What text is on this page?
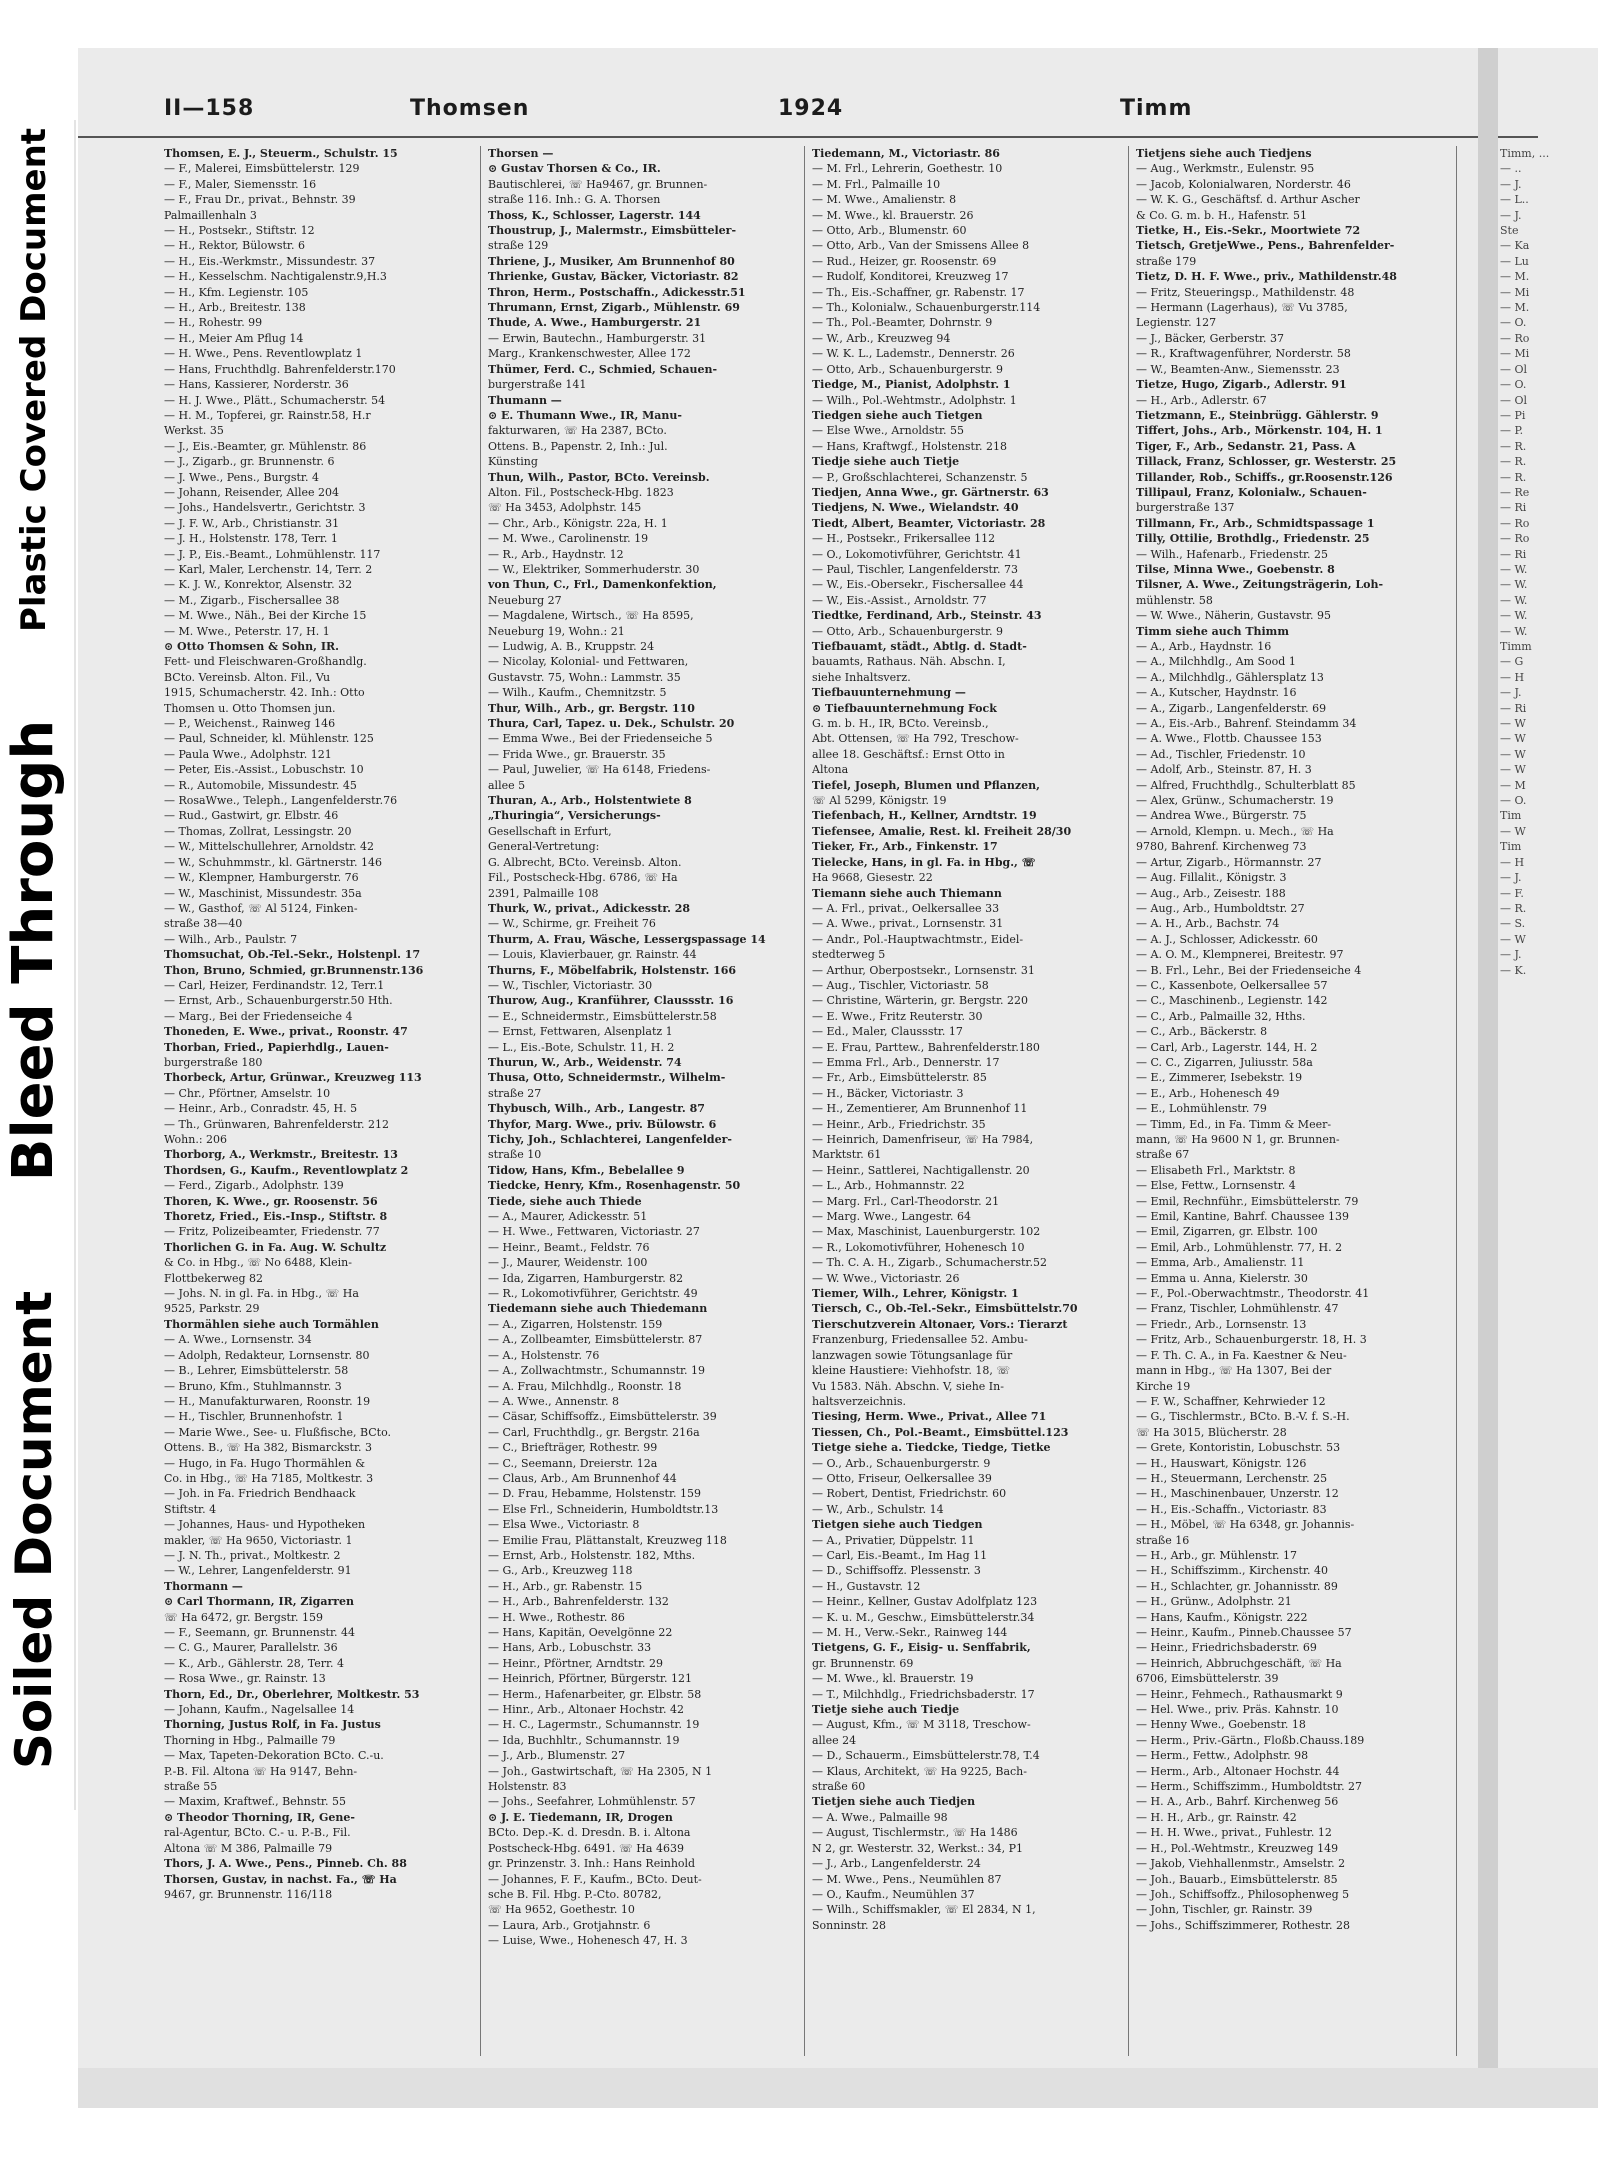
Plastic Covered Document
Bleed Through
Soiled Document
II—158	Thomsen	1924	Timm
Thomsen, E. J., Steuerm., Schulstr. 15
— F., Malerei, Eimsbüttelerstr. 129
— F., Maler, Siemensstr. 16
— F., Frau Dr., privat., Behnstr. 39
Palmaillenhaln 3
— H., Postsekr., Stiftstr. 12
— H., Rektor, Bülowstr. 6
— H., Eis.-Werkmstr., Missundestr. 37
— H., Kesselschm. Nachtigalenstr.9,H.3
— H., Kfm. Legienstr. 105
— H., Arb., Breitestr. 138
— H., Rohestr. 99
— H., Meier Am Pflug 14
— H. Wwe., Pens. Reventlowplatz 1
— Hans, Fruchthdlg. Bahrenfelderstr.170
— Hans, Kassierer, Norderstr. 36
— H. J. Wwe., Plätt., Schumacherstr. 54
— H. M., Topferei, gr. Rainstr.58, H.r
Werkst. 35
— J., Eis.-Beamter, gr. Mühlenstr. 86
— J., Zigarb., gr. Brunnenstr. 6
— J. Wwe., Pens., Burgstr. 4
— Johann, Reisender, Allee 204
— Johs., Handelsvertr., Gerichtstr. 3
— J. F. W., Arb., Christianstr. 31
— J. H., Holstenstr. 178, Terr. 1
— J. P., Eis.-Beamt., Lohmühlenstr. 117
— Karl, Maler, Lerchenstr. 14, Terr. 2
— K. J. W., Konrektor, Alsenstr. 32
— M., Zigarb., Fischersallee 38
— M. Wwe., Näh., Bei der Kirche 15
— M. Wwe., Peterstr. 17, H. 1
⊙ Otto Thomsen & Sohn, IR.
Fett- und Fleischwaren-Großhandlg.
BCto. Vereinsb. Alton. Fil., Vu
1915, Schumacherstr. 42. Inh.: Otto
Thomsen u. Otto Thomsen jun.
— P., Weichenst., Rainweg 146
— Paul, Schneider, kl. Mühlenstr. 125
— Paula Wwe., Adolphstr. 121
— Peter, Eis.-Assist., Lobuschstr. 10
— R., Automobile, Missundestr. 45
— RosaWwe., Teleph., Langenfelderstr.76
— Rud., Gastwirt, gr. Elbstr. 46
— Thomas, Zollrat, Lessingstr. 20
— W., Mittelschullehrer, Arnoldstr. 42
— W., Schuhmmstr., kl. Gärtnerstr. 146
— W., Klempner, Hamburgerstr. 76
— W., Maschinist, Missundestr. 35a
— W., Gasthof, ☏ Al 5124, Finken-
straße 38—40
— Wilh., Arb., Paulstr. 7
Thomsuchat, Ob.-Tel.-Sekr., Holstenpl. 17
Thon, Bruno, Schmied, gr.Brunnenstr.136
— Carl, Heizer, Ferdinandstr. 12, Terr.1
— Ernst, Arb., Schauenburgerstr.50 Hth.
— Marg., Bei der Friedenseiche 4
Thoneden, E. Wwe., privat., Roonstr. 47
Thorban, Fried., Papierhdlg., Lauen-
burgerstraße 180
Thorbeck, Artur, Grünwar., Kreuzweg 113
— Chr., Pförtner, Amselstr. 10
— Heinr., Arb., Conradstr. 45, H. 5
— Th., Grünwaren, Bahrenfelderstr. 212
Wohn.: 206
Thorborg, A., Werkmstr., Breitestr. 13
Thordsen, G., Kaufm., Reventlowplatz 2
— Ferd., Zigarb., Adolphstr. 139
Thoren, K. Wwe., gr. Roosenstr. 56
Thoretz, Fried., Eis.-Insp., Stiftstr. 8
— Fritz, Polizeibeamter, Friedenstr. 77
Thorlichen G. in Fa. Aug. W. Schultz
& Co. in Hbg., ☏ No 6488, Klein-
Flottbekerweg 82
— Johs. N. in gl. Fa. in Hbg., ☏ Ha
9525, Parkstr. 29
Thormählen siehe auch Tormählen
— A. Wwe., Lornsenstr. 34
— Adolph, Redakteur, Lornsenstr. 80
— B., Lehrer, Eimsbüttelerstr. 58
— Bruno, Kfm., Stuhlmannstr. 3
— H., Manufakturwaren, Roonstr. 19
— H., Tischler, Brunnenhofstr. 1
— Marie Wwe., See- u. Flußfische, BCto.
Ottens. B., ☏ Ha 382, Bismarckstr. 3
— Hugo, in Fa. Hugo Thormählen &
Co. in Hbg., ☏ Ha 7185, Moltkestr. 3
— Joh. in Fa. Friedrich Bendhaack
Stiftstr. 4
— Johannes, Haus- und Hypotheken
makler, ☏ Ha 9650, Victoriastr. 1
— J. N. Th., privat., Moltkestr. 2
— W., Lehrer, Langenfelderstr. 91
Thormann —
⊙ Carl Thormann, IR, Zigarren
☏ Ha 6472, gr. Bergstr. 159
— F., Seemann, gr. Brunnenstr. 44
— C. G., Maurer, Parallelstr. 36
— K., Arb., Gählerstr. 28, Terr. 4
— Rosa Wwe., gr. Rainstr. 13
Thorn, Ed., Dr., Oberlehrer, Moltkestr. 53
— Johann, Kaufm., Nagelsallee 14
Thorning, Justus Rolf, in Fa. Justus
Thorning in Hbg., Palmaille 79
— Max, Tapeten-Dekoration BCto. C.-u.
P.-B. Fil. Altona ☏ Ha 9147, Behn-
straße 55
— Maxim, Kraftwef., Behnstr. 55
⊙ Theodor Thorning, IR, Gene-
ral-Agentur, BCto. C.- u. P.-B., Fil.
Altona ☏ M 386, Palmaille 79
Thors, J. A. Wwe., Pens., Pinneb. Ch. 88
Thorsen, Gustav, in nachst. Fa., ☏ Ha
9467, gr. Brunnenstr. 116/118
Thorsen —
⊙ Gustav Thorsen & Co., IR.
Bautischlerei, ☏ Ha9467, gr. Brunnen-
straße 116. Inh.: G. A. Thorsen
Thoss, K., Schlosser, Lagerstr. 144
Thoustrup, J., Malermstr., Eimsbütteler-
straße 129
Thriene, J., Musiker, Am Brunnenhof 80
Thrienke, Gustav, Bäcker, Victoriastr. 82
Thron, Herm., Postschaffn., Adickesstr.51
Thrumann, Ernst, Zigarb., Mühlenstr. 69
Thude, A. Wwe., Hamburgerstr. 21
— Erwin, Bautechn., Hamburgerstr. 31
Marg., Krankenschwester, Allee 172
Thümer, Ferd. C., Schmied, Schauen-
burgerstraße 141
Thumann —
⊙ E. Thumann Wwe., IR, Manu-
fakturwaren, ☏ Ha 2387, BCto.
Ottens. B., Papenstr. 2, Inh.: Jul.
Künsting
Thun, Wilh., Pastor, BCto. Vereinsb.
Alton. Fil., Postscheck-Hbg. 1823
☏ Ha 3453, Adolphstr. 145
— Chr., Arb., Königstr. 22a, H. 1
— M. Wwe., Carolinenstr. 19
— R., Arb., Haydnstr. 12
— W., Elektriker, Sommerhuderstr. 30
von Thun, C., Frl., Damenkonfektion,
Neueburg 27
— Magdalene, Wirtsch., ☏ Ha 8595,
Neueburg 19, Wohn.: 21
— Ludwig, A. B., Kruppstr. 24
— Nicolay, Kolonial- und Fettwaren,
Gustavstr. 75, Wohn.: Lammstr. 35
— Wilh., Kaufm., Chemnitzstr. 5
Thur, Wilh., Arb., gr. Bergstr. 110
Thura, Carl, Tapez. u. Dek., Schulstr. 20
— Emma Wwe., Bei der Friedenseiche 5
— Frida Wwe., gr. Brauerstr. 35
— Paul, Juwelier, ☏ Ha 6148, Friedens-
allee 5
Thuran, A., Arb., Holstentwiete 8
„Thuringia“, Versicherungs-
Gesellschaft in Erfurt,
General-Vertretung:
G. Albrecht, BCto. Vereinsb. Alton.
Fil., Postscheck-Hbg. 6786, ☏ Ha
2391, Palmaille 108
Thurk, W., privat., Adickesstr. 28
— W., Schirme, gr. Freiheit 76
Thurm, A. Frau, Wäsche, Lessergspassage 14
— Louis, Klavierbauer, gr. Rainstr. 44
Thurns, F., Möbelfabrik, Holstenstr. 166
— W., Tischler, Victoriastr. 30
Thurow, Aug., Kranführer, Claussstr. 16
— E., Schneidermstr., Eimsbüttelerstr.58
— Ernst, Fettwaren, Alsenplatz 1
— L., Eis.-Bote, Schulstr. 11, H. 2
Thurun, W., Arb., Weidenstr. 74
Thusa, Otto, Schneidermstr., Wilhelm-
straße 27
Thybusch, Wilh., Arb., Langestr. 87
Thyfor, Marg. Wwe., priv. Bülowstr. 6
Tichy, Joh., Schlachterei, Langenfelder-
straße 10
Tidow, Hans, Kfm., Bebelallee 9
Tiedcke, Henry, Kfm., Rosenhagenstr. 50
Tiede, siehe auch Thiede
— A., Maurer, Adickesstr. 51
— H. Wwe., Fettwaren, Victoriastr. 27
— Heinr., Beamt., Feldstr. 76
— J., Maurer, Weidenstr. 100
— Ida, Zigarren, Hamburgerstr. 82
— R., Lokomotivführer, Gerichtstr. 49
Tiedemann siehe auch Thiedemann
— A., Zigarren, Holstenstr. 159
— A., Zollbeamter, Eimsbüttelerstr. 87
— A., Holstenstr. 76
— A., Zollwachtmstr., Schumannstr. 19
— A. Frau, Milchhdlg., Roonstr. 18
— A. Wwe., Annenstr. 8
— Cäsar, Schiffsoffz., Eimsbüttelerstr. 39
— Carl, Fruchthdlg., gr. Bergstr. 216a
— C., Briefträger, Rothestr. 99
— C., Seemann, Dreierstr. 12a
— Claus, Arb., Am Brunnenhof 44
— D. Frau, Hebamme, Holstenstr. 159
— Else Frl., Schneiderin, Humboldtstr.13
— Elsa Wwe., Victoriastr. 8
— Emilie Frau, Plättanstalt, Kreuzweg 118
— Ernst, Arb., Holstenstr. 182, Mths.
— G., Arb., Kreuzweg 118
— H., Arb., gr. Rabenstr. 15
— H., Arb., Bahrenfelderstr. 132
— H. Wwe., Rothestr. 86
— Hans, Kapitän, Oevelgönne 22
— Hans, Arb., Lobuschstr. 33
— Heinr., Pförtner, Arndtstr. 29
— Heinrich, Pförtner, Bürgerstr. 121
— Herm., Hafenarbeiter, gr. Elbstr. 58
— Hinr., Arb., Altonaer Hochstr. 42
— H. C., Lagermstr., Schumannstr. 19
— Ida, Buchhltr., Schumannstr. 19
— J., Arb., Blumenstr. 27
— Joh., Gastwirtschaft, ☏ Ha 2305, N 1
Holstenstr. 83
— Johs., Seefahrer, Lohmühlenstr. 57
⊙ J. E. Tiedemann, IR, Drogen
BCto. Dep.-K. d. Dresdn. B. i. Altona
Postscheck-Hbg. 6491. ☏ Ha 4639
gr. Prinzenstr. 3. Inh.: Hans Reinhold
— Johannes, F. F., Kaufm., BCto. Deut-
sche B. Fil. Hbg. P.-Cto. 80782,
☏ Ha 9652, Goethestr. 10
— Laura, Arb., Grotjahnstr. 6
— Luise, Wwe., Hohenesch 47, H. 3
Tiedemann, M., Victoriastr. 86
— M. Frl., Lehrerin, Goethestr. 10
— M. Frl., Palmaille 10
— M. Wwe., Amalienstr. 8
— M. Wwe., kl. Brauerstr. 26
— Otto, Arb., Blumenstr. 60
— Otto, Arb., Van der Smissens Allee 8
— Rud., Heizer, gr. Roosenstr. 69
— Rudolf, Konditorei, Kreuzweg 17
— Th., Eis.-Schaffner, gr. Rabenstr. 17
— Th., Kolonialw., Schauenburgerstr.114
— Th., Pol.-Beamter, Dohrnstr. 9
— W., Arb., Kreuzweg 94
— W. K. L., Lademstr., Dennerstr. 26
— Otto, Arb., Schauenburgerstr. 9
Tiedge, M., Pianist, Adolphstr. 1
— Wilh., Pol.-Wehtmstr., Adolphstr. 1
Tiedgen siehe auch Tietgen
— Else Wwe., Arnoldstr. 55
— Hans, Kraftwgf., Holstenstr. 218
Tiedje siehe auch Tietje
— P., Großschlachterei, Schanzenstr. 5
Tiedjen, Anna Wwe., gr. Gärtnerstr. 63
Tiedjens, N. Wwe., Wielandstr. 40
Tiedt, Albert, Beamter, Victoriastr. 28
— H., Postsekr., Frikersallee 112
— O., Lokomotivführer, Gerichtstr. 41
— Paul, Tischler, Langenfelderstr. 73
— W., Eis.-Obersekr., Fischersallee 44
— W., Eis.-Assist., Arnoldstr. 77
Tiedtke, Ferdinand, Arb., Steinstr. 43
— Otto, Arb., Schauenburgerstr. 9
Tiefbauamt, städt., Abtlg. d. Stadt-
bauamts, Rathaus. Näh. Abschn. I,
siehe Inhaltsverz.
Tiefbauunternehmung —
⊙ Tiefbauunternehmung Fock
G. m. b. H., IR, BCto. Vereinsb.,
Abt. Ottensen, ☏ Ha 792, Treschow-
allee 18. Geschäftsf.: Ernst Otto in
Altona
Tiefel, Joseph, Blumen und Pflanzen,
☏ Al 5299, Königstr. 19
Tiefenbach, H., Kellner, Arndtstr. 19
Tiefensee, Amalie, Rest. kl. Freiheit 28/30
Tieker, Fr., Arb., Finkenstr. 17
Tielecke, Hans, in gl. Fa. in Hbg., ☏
Ha 9668, Giesestr. 22
Tiemann siehe auch Thiemann
— A. Frl., privat., Oelkersallee 33
— A. Wwe., privat., Lornsenstr. 31
— Andr., Pol.-Hauptwachtmstr., Eidel-
stedterweg 5
— Arthur, Oberpostsekr., Lornsenstr. 31
— Aug., Tischler, Victoriastr. 58
— Christine, Wärterin, gr. Bergstr. 220
— E. Wwe., Fritz Reuterstr. 30
— Ed., Maler, Claussstr. 17
— E. Frau, Parttew., Bahrenfelderstr.180
— Emma Frl., Arb., Dennerstr. 17
— Fr., Arb., Eimsbüttelerstr. 85
— H., Bäcker, Victoriastr. 3
— H., Zementierer, Am Brunnenhof 11
— Heinr., Arb., Friedrichstr. 35
— Heinrich, Damenfriseur, ☏ Ha 7984,
Marktstr. 61
— Heinr., Sattlerei, Nachtigallenstr. 20
— L., Arb., Hohmannstr. 22
— Marg. Frl., Carl-Theodorstr. 21
— Marg. Wwe., Langestr. 64
— Max, Maschinist, Lauenburgerstr. 102
— R., Lokomotivführer, Hohenesch 10
— Th. C. A. H., Zigarb., Schumacherstr.52
— W. Wwe., Victoriastr. 26
Tiemer, Wilh., Lehrer, Königstr. 1
Tiersch, C., Ob.-Tel.-Sekr., Eimsbüttelstr.70
Tierschutzverein Altonaer, Vors.: Tierarzt
Franzenburg, Friedensallee 52. Ambu-
lanzwagen sowie Tötungsanlage für
kleine Haustiere: Viehhofstr. 18, ☏
Vu 1583. Näh. Abschn. V, siehe In-
haltsverzeichnis.
Tiesing, Herm. Wwe., Privat., Allee 71
Tiessen, Ch., Pol.-Beamt., Eimsbüttel.123
Tietge siehe a. Tiedcke, Tiedge, Tietke
— O., Arb., Schauenburgerstr. 9
— Otto, Friseur, Oelkersallee 39
— Robert, Dentist, Friedrichstr. 60
— W., Arb., Schulstr. 14
Tietgen siehe auch Tiedgen
— A., Privatier, Düppelstr. 11
— Carl, Eis.-Beamt., Im Hag 11
— D., Schiffsoffz. Plessenstr. 3
— H., Gustavstr. 12
— Heinr., Kellner, Gustav Adolfplatz 123
— K. u. M., Geschw., Eimsbüttelerstr.34
— M. H., Verw.-Sekr., Rainweg 144
Tietgens, G. F., Eisig- u. Senffabrik,
gr. Brunnenstr. 69
— M. Wwe., kl. Brauerstr. 19
— T., Milchhdlg., Friedrichsbaderstr. 17
Tietje siehe auch Tiedje
— August, Kfm., ☏ M 3118, Treschow-
allee 24
— D., Schauerm., Eimsbüttelerstr.78, T.4
— Klaus, Architekt, ☏ Ha 9225, Bach-
straße 60
Tietjen siehe auch Tiedjen
— A. Wwe., Palmaille 98
— August, Tischlermstr., ☏ Ha 1486
N 2, gr. Westerstr. 32, Werkst.: 34, P1
— J., Arb., Langenfelderstr. 24
— M. Wwe., Pens., Neumühlen 87
— O., Kaufm., Neumühlen 37
— Wilh., Schiffsmakler, ☏ El 2834, N 1,
Sonninstr. 28
Tietjens siehe auch Tiedjens
— Aug., Werkmstr., Eulenstr. 95
— Jacob, Kolonialwaren, Norderstr. 46
— W. K. G., Geschäftsf. d. Arthur Ascher
& Co. G. m. b. H., Hafenstr. 51
Tietke, H., Eis.-Sekr., Moortwiete 72
Tietsch, GretjeWwe., Pens., Bahrenfelder-
straße 179
Tietz, D. H. F. Wwe., priv., Mathildenstr.48
— Fritz, Steueringsp., Mathildenstr. 48
— Hermann (Lagerhaus), ☏ Vu 3785,
Legienstr. 127
— J., Bäcker, Gerberstr. 37
— R., Kraftwagenführer, Norderstr. 58
— W., Beamten-Anw., Siemensstr. 23
Tietze, Hugo, Zigarb., Adlerstr. 91
— H., Arb., Adlerstr. 67
Tietzmann, E., Steinbrügg. Gählerstr. 9
Tiffert, Johs., Arb., Mörkenstr. 104, H. 1
Tiger, F., Arb., Sedanstr. 21, Pass. A
Tillack, Franz, Schlosser, gr. Westerstr. 25
Tillander, Rob., Schiffs., gr.Roosenstr.126
Tillipaul, Franz, Kolonialw., Schauen-
burgerstraße 137
Tillmann, Fr., Arb., Schmidtspassage 1
Tilly, Ottilie, Brothdlg., Friedenstr. 25
— Wilh., Hafenarb., Friedenstr. 25
Tilse, Minna Wwe., Goebenstr. 8
Tilsner, A. Wwe., Zeitungsträgerin, Loh-
mühlenstr. 58
— W. Wwe., Näherin, Gustavstr. 95
Timm siehe auch Thimm
— A., Arb., Haydnstr. 16
— A., Milchhdlg., Am Sood 1
— A., Milchhdlg., Gählersplatz 13
— A., Kutscher, Haydnstr. 16
— A., Zigarb., Langenfelderstr. 69
— A., Eis.-Arb., Bahrenf. Steindamm 34
— A. Wwe., Flottb. Chaussee 153
— Ad., Tischler, Friedenstr. 10
— Adolf, Arb., Steinstr. 87, H. 3
— Alfred, Fruchthdlg., Schulterblatt 85
— Alex, Grünw., Schumacherstr. 19
— Andrea Wwe., Bürgerstr. 75
— Arnold, Klempn. u. Mech., ☏ Ha
9780, Bahrenf. Kirchenweg 73
— Artur, Zigarb., Hörmannstr. 27
— Aug. Fillalit., Königstr. 3
— Aug., Arb., Zeisestr. 188
— Aug., Arb., Humboldtstr. 27
— A. H., Arb., Bachstr. 74
— A. J., Schlosser, Adickesstr. 60
— A. O. M., Klempnerei, Breitestr. 97
— B. Frl., Lehr., Bei der Friedenseiche 4
— C., Kassenbote, Oelkersallee 57
— C., Maschinenb., Legienstr. 142
— C., Arb., Palmaille 32, Hths.
— C., Arb., Bäckerstr. 8
— Carl, Arb., Lagerstr. 144, H. 2
— C. C., Zigarren, Juliusstr. 58a
— E., Zimmerer, Isebekstr. 19
— E., Arb., Hohenesch 49
— E., Lohmühlenstr. 79
— Timm, Ed., in Fa. Timm & Meer-
mann, ☏ Ha 9600 N 1, gr. Brunnen-
straße 67
— Elisabeth Frl., Marktstr. 8
— Else, Fettw., Lornsenstr. 4
— Emil, Rechnführ., Eimsbüttelerstr. 79
— Emil, Kantine, Bahrf. Chaussee 139
— Emil, Zigarren, gr. Elbstr. 100
— Emil, Arb., Lohmühlenstr. 77, H. 2
— Emma, Arb., Amalienstr. 11
— Emma u. Anna, Kielerstr. 30
— F., Pol.-Oberwachtmstr., Theodorstr. 41
— Franz, Tischler, Lohmühlenstr. 47
— Friedr., Arb., Lornsenstr. 13
— Fritz, Arb., Schauenburgerstr. 18, H. 3
— F. Th. C. A., in Fa. Kaestner & Neu-
mann in Hbg., ☏ Ha 1307, Bei der
Kirche 19
— F. W., Schaffner, Kehrwieder 12
— G., Tischlermstr., BCto. B.-V. f. S.-H.
☏ Ha 3015, Blücherstr. 28
— Grete, Kontoristin, Lobuschstr. 53
— H., Hauswart, Königstr. 126
— H., Steuermann, Lerchenstr. 25
— H., Maschinenbauer, Unzerstr. 12
— H., Eis.-Schaffn., Victoriastr. 83
— H., Möbel, ☏ Ha 6348, gr. Johannis-
straße 16
— H., Arb., gr. Mühlenstr. 17
— H., Schiffszimm., Kirchenstr. 40
— H., Schlachter, gr. Johannisstr. 89
— H., Grünw., Adolphstr. 21
— Hans, Kaufm., Königstr. 222
— Heinr., Kaufm., Pinneb.Chaussee 57
— Heinr., Friedrichsbaderstr. 69
— Heinrich, Abbruchgeschäft, ☏ Ha
6706, Eimsbüttelerstr. 39
— Heinr., Fehmech., Rathausmarkt 9
— Hel. Wwe., priv. Präs. Kahnstr. 10
— Henny Wwe., Goebenstr. 18
— Herm., Priv.-Gärtn., Floßb.Chauss.189
— Herm., Fettw., Adolphstr. 98
— Herm., Arb., Altonaer Hochstr. 44
— Herm., Schiffszimm., Humboldtstr. 27
— H. A., Arb., Bahrf. Kirchenweg 56
— H. H., Arb., gr. Rainstr. 42
— H. H. Wwe., privat., Fuhlestr. 12
— H., Pol.-Wehtmstr., Kreuzweg 149
— Jakob, Viehhallenmstr., Amselstr. 2
— Joh., Bauarb., Eimsbüttelerstr. 85
— Joh., Schiffsoffz., Philosophenweg 5
— John, Tischler, gr. Rainstr. 39
— Johs., Schiffszimmerer, Rothestr. 28
Timm, ...
— ..
— J.
— L..
— J.
Ste
— Ka
— Lu
— M.
— Mi
— M.
— O.
— Ro
— Mi
— Ol
— O.
— Ol
— Pi
— P.
— R.
— R.
— R.
— Re
— Ri
— Ro
— Ro
— Ri
— W.
— W.
— W.
— W.
— W.
Timm
— G
— H
— J.
— Ri
— W
— W
— W
— W
— M
— O.
Tim
— W
Tim
— H
— J.
— F.
— R.
— S.
— W
— J.
— K.
